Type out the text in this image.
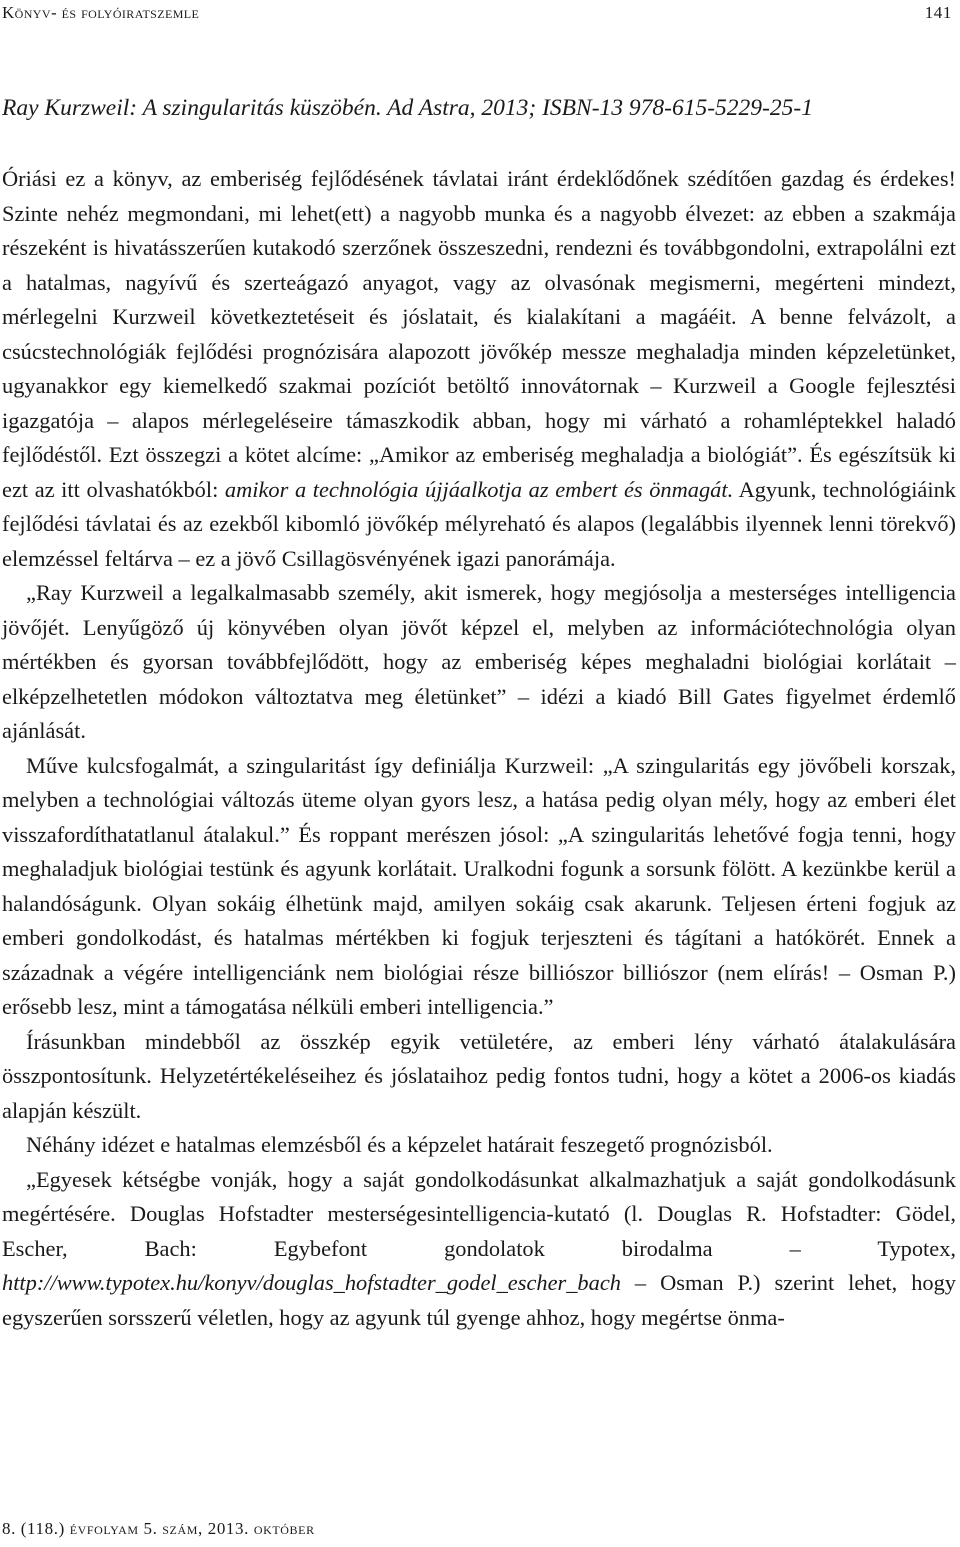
Könyv- és folyóiratszemle	141
Ray Kurzweil: A szingularitás küszöbén. Ad Astra, 2013; ISBN-13 978-615-5229-25-1

Óriási ez a könyv, az emberiség fejlődésének távlatai iránt érdeklődőnek szédítően gazdag és érdekes! Szinte nehéz megmondani, mi lehet(ett) a nagyobb munka és a nagyobb élvezet: az ebben a szakmája részeként is hivatásszerűen kutakodó szerzőnek összeszedni, rendezni és továbbgondolni, extrapolálni ezt a hatalmas, nagyívű és szerteágazó anyagot, vagy az olvasónak megismerni, megérteni mindezt, mérlegelni Kurzweil következtetéseit és jóslatait, és kialakítani a magáéit. A benne felvázolt, a csúcstechnológiák fejlődési prognózisára alapozott jövőkép messze meghaladja minden képzeletünket, ugyanakkor egy kiemelkedő szakmai pozíciót betöltő innovátornak – Kurzweil a Google fejlesztési igazgatója – alapos mérlegeléseire támaszkodik abban, hogy mi várható a rohamléptekkel haladó fejlődéstől. Ezt összegzi a kötet alcíme: „Amikor az emberiség meghaladja a biológiát”. És egészítsük ki ezt az itt olvashatókból: amikor a technológia újjáalkotja az embert és önmagát. Agyunk, technológiáink fejlődési távlatai és az ezekből kibomló jövőkép mélyreható és alapos (legalábbis ilyennek lenni törekvő) elemzéssel feltárva – ez a jövő Csillagösvényének igazi panorámája.

„Ray Kurzweil a legalkalmasabb személy, akit ismerek, hogy megjósolja a mesterséges intelligencia jövőjét. Lenyűgöző új könyvében olyan jövőt képzel el, melyben az információtechnológia olyan mértékben és gyorsan továbbfejlődött, hogy az emberiség képes meghaladni biológiai korlátait – elképzelhetetlen módokon változtatva meg életünket” – idézi a kiadó Bill Gates figyelmet érdemlő ajánlását.

Műve kulcsfogalmát, a szingularitást így definiálja Kurzweil: „A szingularitás egy jövőbeli korszak, melyben a technológiai változás üteme olyan gyors lesz, a hatása pedig olyan mély, hogy az emberi élet visszafordíthatatlanul átalakul.” És roppant merészen jósol: „A szingularitás lehetővé fogja tenni, hogy meghaladjuk biológiai testünk és agyunk korlátait. Uralkodni fogunk a sorsunk fölött. A kezünkbe kerül a halandóságunk. Olyan sokáig élhetünk majd, amilyen sokáig csak akarunk. Teljesen érteni fogjuk az emberi gondolkodást, és hatalmas mértékben ki fogjuk terjeszteni és tágítani a hatókörét. Ennek a századnak a végére intelligenciánk nem biológiai része billiószor billiószor (nem elírás! – Osman P.) erősebb lesz, mint a támogatása nélküli emberi intelligencia.”

Írásunkban mindebből az összkép egyik vetületére, az emberi lény várható átalakulására összpontosítunk. Helyzetértékeléseihez és jóslataihoz pedig fontos tudni, hogy a kötet a 2006-os kiadás alapján készült.

Néhány idézet e hatalmas elemzésből és a képzelet határait feszegető prognózisból.

„Egyesek kétségbe vonják, hogy a saját gondolkodásunkat alkalmazhatjuk a saját gondolkodásunk megértésére. Douglas Hofstadter mesterségesintelligencia-kutató (l. Douglas R. Hofstadter: Gödel, Escher, Bach: Egybefont gondolatok birodalma – Typotex, http://www.typotex.hu/konyv/douglas_hofstadter_godel_escher_bach – Osman P.) szerint lehet, hogy egyszerűen sorsszerű véletlen, hogy az agyunk túl gyenge ahhoz, hogy megértse önma-

8. (118.) évfolyam 5. szám, 2013. október
